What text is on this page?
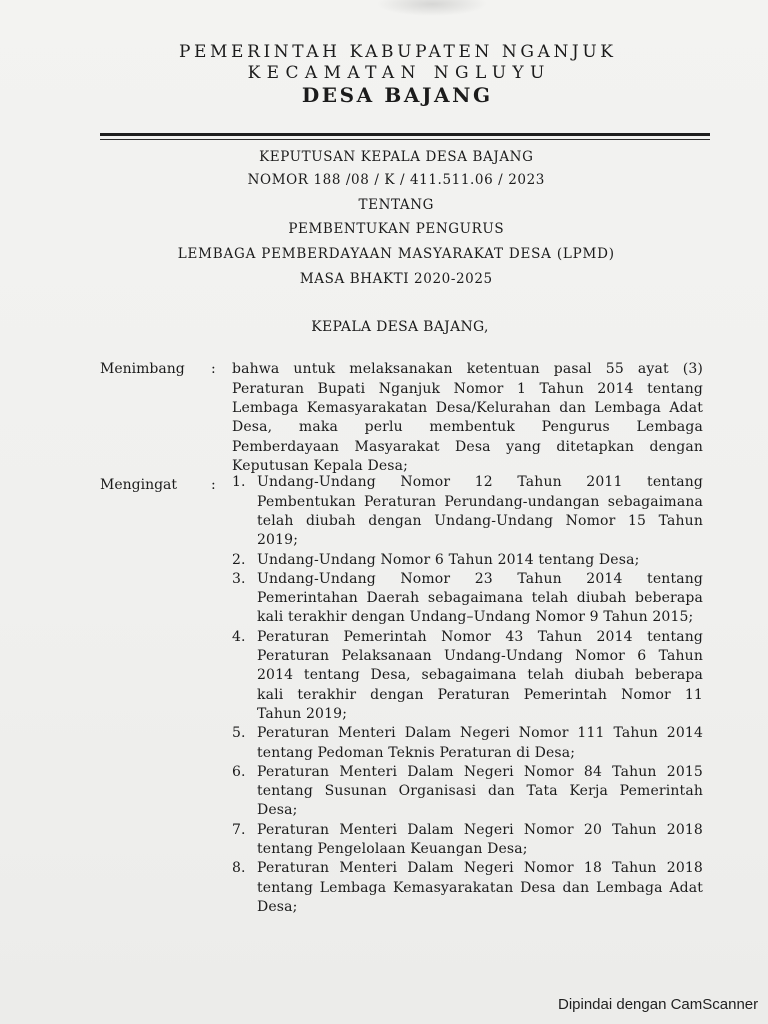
PEMERINTAH KABUPATEN NGANJUK
KECAMATAN NGLUYU
DESA BAJANG
KEPUTUSAN KEPALA DESA BAJANG
NOMOR 188 /08 / K / 411.511.06 / 2023
TENTANG
PEMBENTUKAN PENGURUS
LEMBAGA PEMBERDAYAAN MASYARAKAT DESA (LPMD)
MASA BHAKTI 2020-2025
KEPALA DESA BAJANG,
Menimbang : bahwa untuk melaksanakan ketentuan pasal 55 ayat (3)
Peraturan Bupati Nganjuk Nomor 1 Tahun 2014 tentang
Lembaga Kemasyarakatan Desa/Kelurahan dan Lembaga Adat
Desa, maka perlu membentuk Pengurus Lembaga
Pemberdayaan Masyarakat Desa yang ditetapkan dengan
Keputusan Kepala Desa;
Mengingat : 1. Undang-Undang Nomor 12 Tahun 2011 tentang
Pembentukan Peraturan Perundang-undangan sebagaimana
telah diubah dengan Undang-Undang Nomor 15 Tahun
2019;
2. Undang-Undang Nomor 6 Tahun 2014 tentang Desa;
3. Undang-Undang Nomor 23 Tahun 2014 tentang
Pemerintahan Daerah sebagaimana telah diubah beberapa
kali terakhir dengan Undang–Undang Nomor 9 Tahun 2015;
4. Peraturan Pemerintah Nomor 43 Tahun 2014 tentang
Peraturan Pelaksanaan Undang-Undang Nomor 6 Tahun
2014 tentang Desa, sebagaimana telah diubah beberapa
kali terakhir dengan Peraturan Pemerintah Nomor 11
Tahun 2019;
5. Peraturan Menteri Dalam Negeri Nomor 111 Tahun 2014
tentang Pedoman Teknis Peraturan di Desa;
6. Peraturan Menteri Dalam Negeri Nomor 84 Tahun 2015
tentang Susunan Organisasi dan Tata Kerja Pemerintah
Desa;
7. Peraturan Menteri Dalam Negeri Nomor 20 Tahun 2018
tentang Pengelolaan Keuangan Desa;
8. Peraturan Menteri Dalam Negeri Nomor 18 Tahun 2018
tentang Lembaga Kemasyarakatan Desa dan Lembaga Adat
Desa;
Dipindai dengan CamScanner
